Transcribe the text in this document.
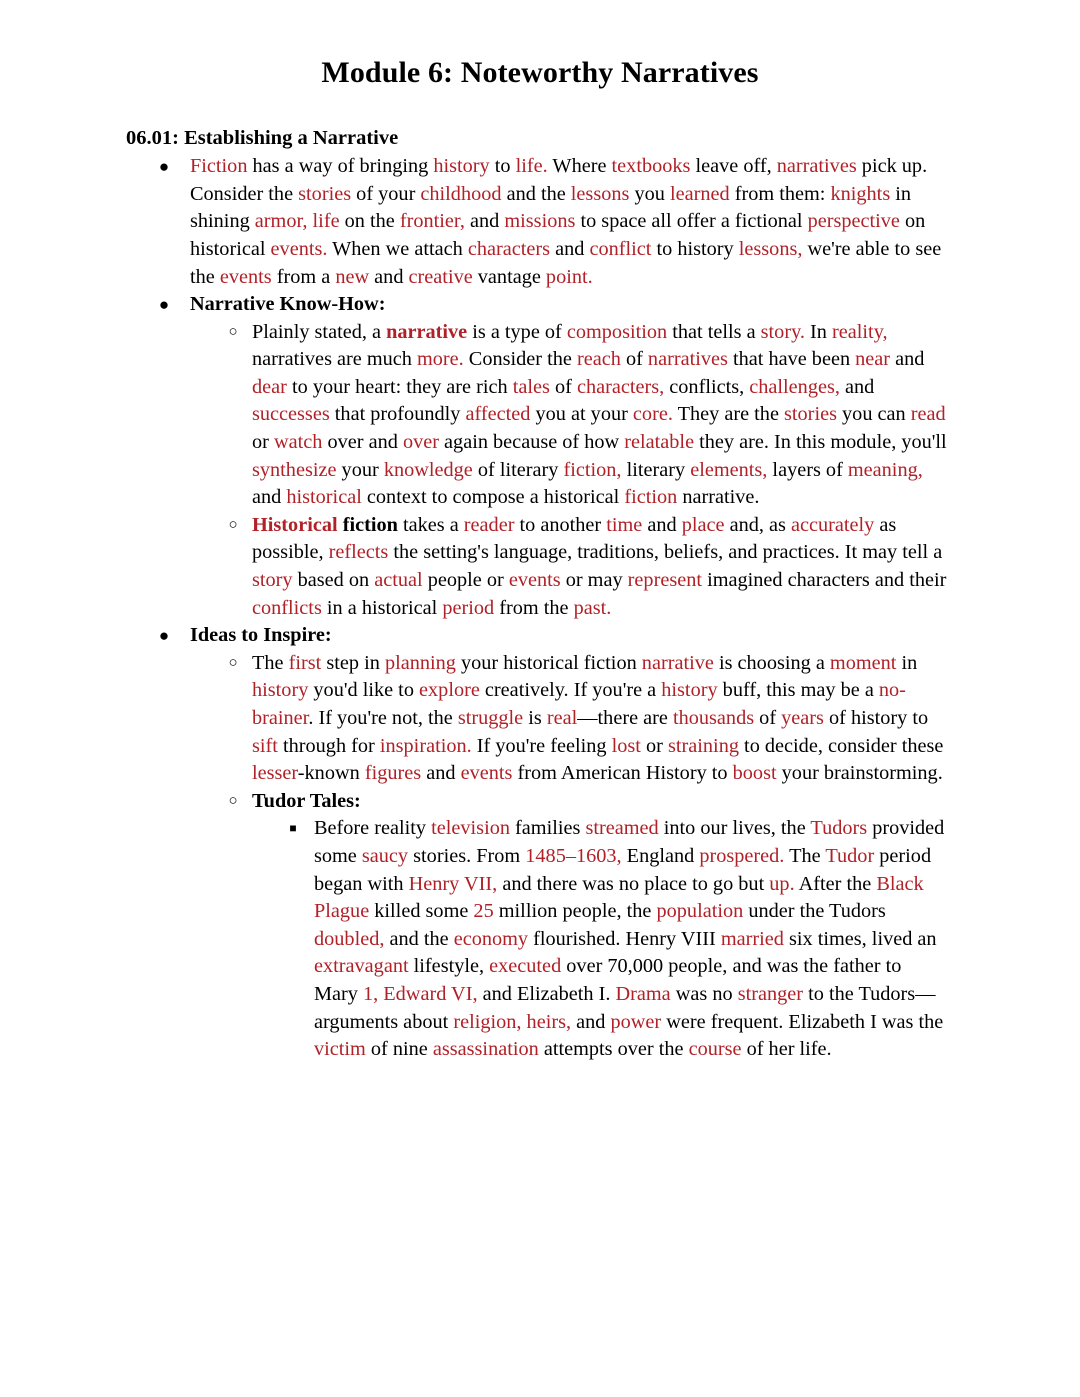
Module 6: Noteworthy Narratives
06.01: Establishing a Narrative
● Fiction has a way of bringing history to life. Where textbooks leave off, narratives pick up. Consider the stories of your childhood and the lessons you learned from them: knights in shining armor, life on the frontier, and missions to space all offer a fictional perspective on historical events. When we attach characters and conflict to history lessons, we're able to see the events from a new and creative vantage point.
● Narrative Know-How:
○ Plainly stated, a narrative is a type of composition that tells a story. In reality, narratives are much more. Consider the reach of narratives that have been near and dear to your heart: they are rich tales of characters, conflicts, challenges, and successes that profoundly affected you at your core. They are the stories you can read or watch over and over again because of how relatable they are. In this module, you'll synthesize your knowledge of literary fiction, literary elements, layers of meaning, and historical context to compose a historical fiction narrative.
○ Historical fiction takes a reader to another time and place and, as accurately as possible, reflects the setting's language, traditions, beliefs, and practices. It may tell a story based on actual people or events or may represent imagined characters and their conflicts in a historical period from the past.
● Ideas to Inspire:
○ The first step in planning your historical fiction narrative is choosing a moment in history you'd like to explore creatively. If you're a history buff, this may be a no-brainer. If you're not, the struggle is real—there are thousands of years of history to sift through for inspiration. If you're feeling lost or straining to decide, consider these lesser-known figures and events from American History to boost your brainstorming.
○ Tudor Tales:
■ Before reality television families streamed into our lives, the Tudors provided some saucy stories. From 1485–1603, England prospered. The Tudor period began with Henry VII, and there was no place to go but up. After the Black Plague killed some 25 million people, the population under the Tudors doubled, and the economy flourished. Henry VIII married six times, lived an extravagant lifestyle, executed over 70,000 people, and was the father to Mary 1, Edward VI, and Elizabeth I. Drama was no stranger to the Tudors—arguments about religion, heirs, and power were frequent. Elizabeth I was the victim of nine assassination attempts over the course of her life.
